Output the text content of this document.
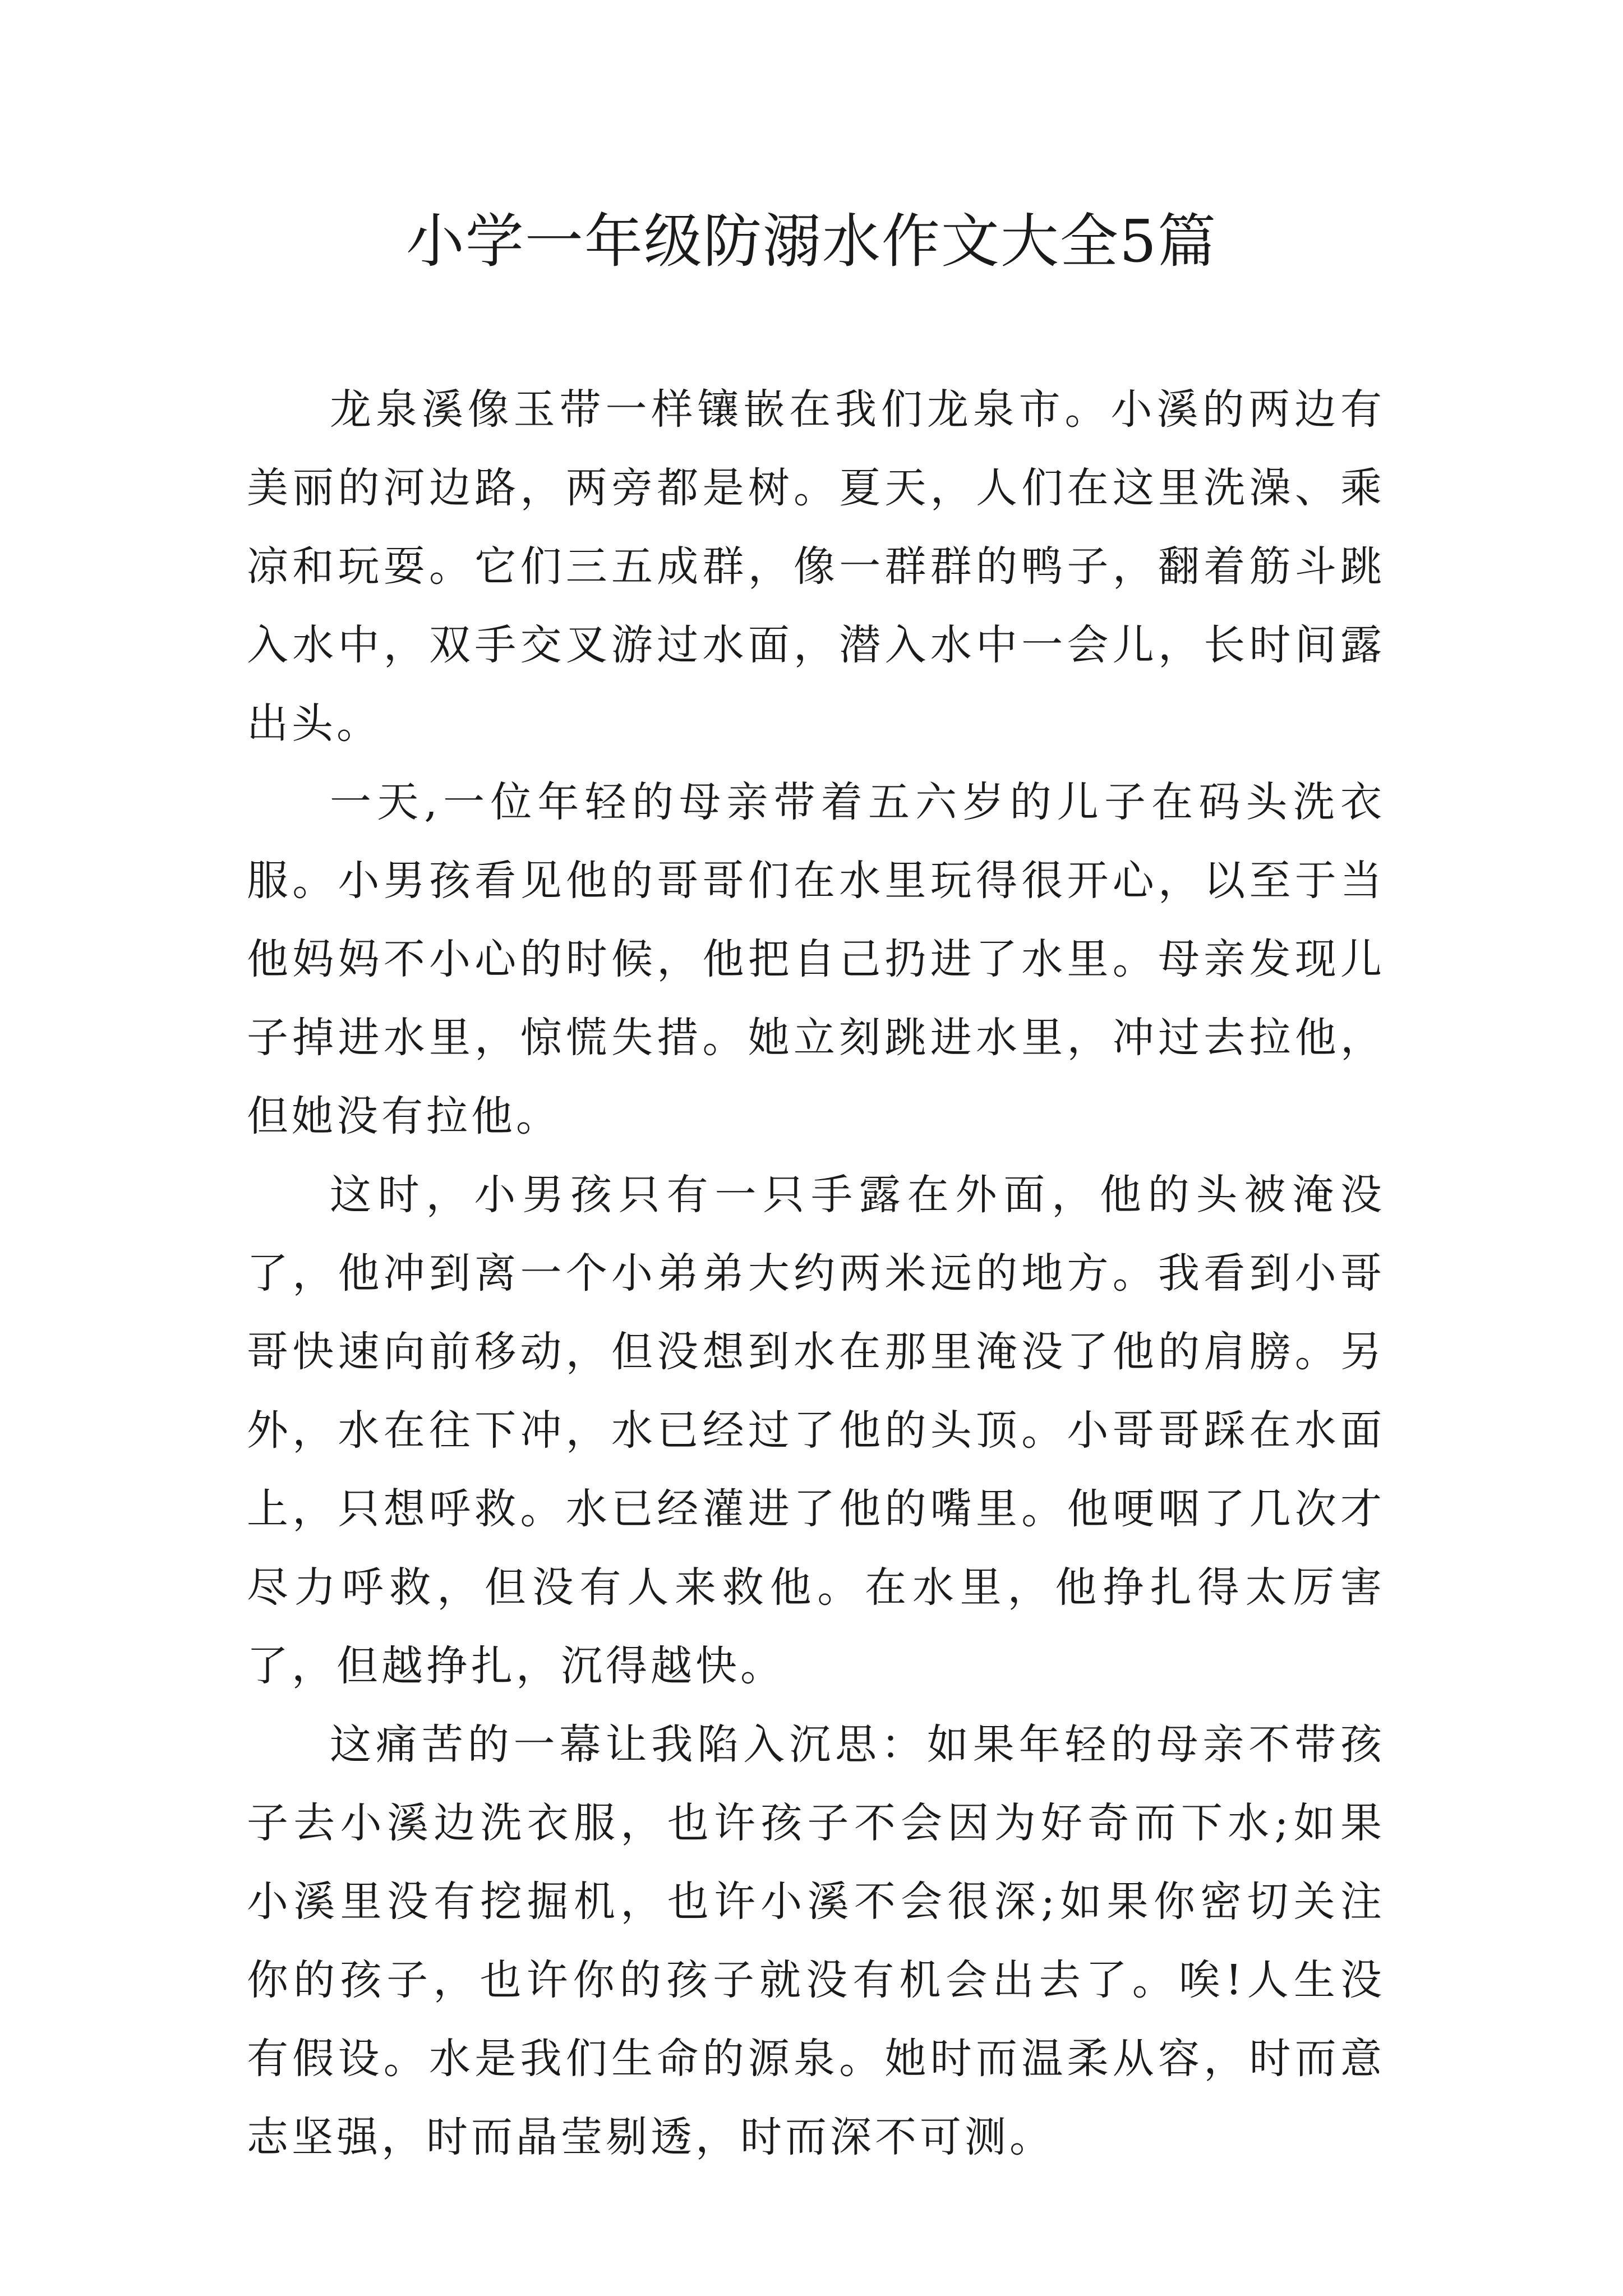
小学一年级防溺水作文大全5篇

龙泉溪像玉带一样镶嵌在我们龙泉市。小溪的两边有美丽的河边路，两旁都是树。夏天，人们在这里洗澡、乘凉和玩耍。它们三五成群，像一群群的鸭子，翻着筋斗跳入水中，双手交叉游过水面，潜入水中一会儿，长时间露出头。

一天,一位年轻的母亲带着五六岁的儿子在码头洗衣服。小男孩看见他的哥哥们在水里玩得很开心，以至于当他妈妈不小心的时候，他把自己扔进了水里。母亲发现儿子掉进水里，惊慌失措。她立刻跳进水里，冲过去拉他，但她没有拉他。

这时，小男孩只有一只手露在外面，他的头被淹没了，他冲到离一个小弟弟大约两米远的地方。我看到小哥哥快速向前移动，但没想到水在那里淹没了他的肩膀。另外，水在往下冲，水已经过了他的头顶。小哥哥踩在水面上，只想呼救。水已经灌进了他的嘴里。他哽咽了几次才尽力呼救，但没有人来救他。在水里，他挣扎得太厉害了，但越挣扎，沉得越快。

这痛苦的一幕让我陷入沉思：如果年轻的母亲不带孩子去小溪边洗衣服，也许孩子不会因为好奇而下水;如果小溪里没有挖掘机，也许小溪不会很深;如果你密切关注你的孩子，也许你的孩子就没有机会出去了。唉!人生没有假设。水是我们生命的源泉。她时而温柔从容，时而意志坚强，时而晶莹剔透，时而深不可测。
